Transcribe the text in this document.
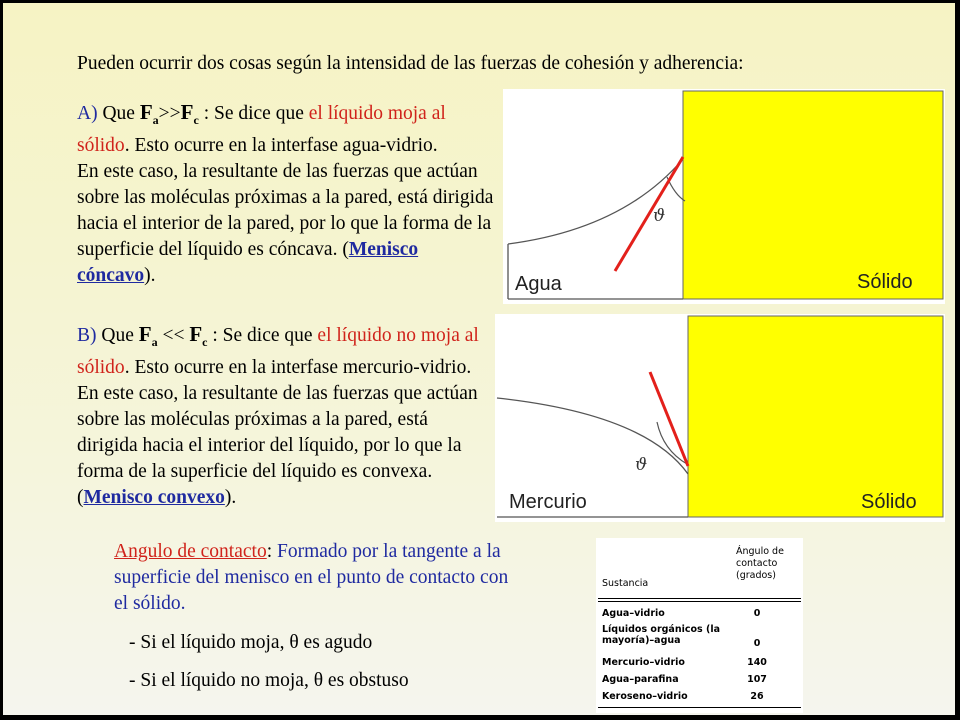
Pueden ocurrir dos cosas según la intensidad de las fuerzas de cohesión y adherencia:
A) Que $F_a>>F_c$ : Se dice que el líquido moja al sólido. Esto ocurre en la interfase agua-vidrio.
En este caso, la resultante de las fuerzas que actúan sobre las moléculas próximas a la pared, está dirigida hacia el interior de la pared, por lo que la forma de la superficie del líquido es cóncava. (Menisco cóncavo).
B) Que $F_a << F_c$ : Se dice que el líquido no moja al sólido. Esto ocurre en la interfase mercurio-vidrio.
En este caso, la resultante de las fuerzas que actúan sobre las moléculas próximas a la pared, está dirigida hacia el interior del líquido, por lo que la forma de la superficie del líquido es convexa. (Menisco convexo).
ϑ
Agua	Sólido
ϑ
Mercurio	Sólido
Angulo de contacto: Formado por la tangente a la superficie del menisco en el punto de contacto con el sólido.
- Si el líquido moja, θ es agudo
- Si el líquido no moja, θ es obstuso
Ángulo de contacto (grados)
Sustancia
Agua–vidrio	0
Líquidos orgánicos (la mayoría)–agua	0
Mercurio–vidrio	140
Agua–parafina	107
Keroseno–vidrio	26
